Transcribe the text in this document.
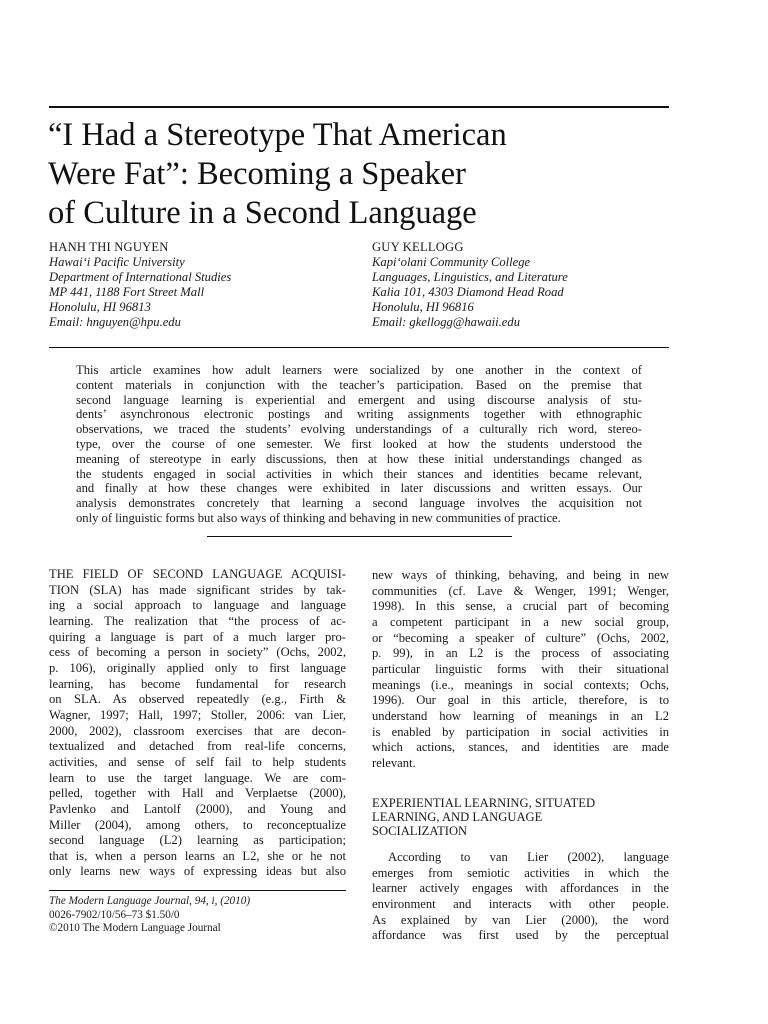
“I Had a Stereotype That American
Were Fat”: Becoming a Speaker
of Culture in a Second Language
HANH THI NGUYEN
Hawai‘i Pacific University
Department of International Studies
MP 441, 1188 Fort Street Mall
Honolulu, HI 96813
Email: hnguyen@hpu.edu
GUY KELLOGG
Kapi‘olani Community College
Languages, Linguistics, and Literature
Kalia 101, 4303 Diamond Head Road
Honolulu, HI 96816
Email: gkellogg@hawaii.edu
This article examines how adult learners were socialized by one another in the context of
content materials in conjunction with the teacher’s participation. Based on the premise that
second language learning is experiential and emergent and using discourse analysis of stu-
dents’ asynchronous electronic postings and writing assignments together with ethnographic
observations, we traced the students’ evolving understandings of a culturally rich word, stereo-
type, over the course of one semester. We first looked at how the students understood the
meaning of stereotype in early discussions, then at how these initial understandings changed as
the students engaged in social activities in which their stances and identities became relevant,
and finally at how these changes were exhibited in later discussions and written essays. Our
analysis demonstrates concretely that learning a second language involves the acquisition not
only of linguistic forms but also ways of thinking and behaving in new communities of practice.
THE FIELD OF SECOND LANGUAGE ACQUISI-
TION (SLA) has made significant strides by tak-
ing a social approach to language and language
learning. The realization that “the process of ac-
quiring a language is part of a much larger pro-
cess of becoming a person in society” (Ochs, 2002,
p. 106), originally applied only to first language
learning, has become fundamental for research
on SLA. As observed repeatedly (e.g., Firth &
Wagner, 1997; Hall, 1997; Stoller, 2006: van Lier,
2000, 2002), classroom exercises that are decon-
textualized and detached from real-life concerns,
activities, and sense of self fail to help students
learn to use the target language. We are com-
pelled, together with Hall and Verplaetse (2000),
Pavlenko and Lantolf (2000), and Young and
Miller (2004), among others, to reconceptualize
second language (L2) learning as participation;
that is, when a person learns an L2, she or he not
only learns new ways of expressing ideas but also
new ways of thinking, behaving, and being in new
communities (cf. Lave & Wenger, 1991; Wenger,
1998). In this sense, a crucial part of becoming
a competent participant in a new social group,
or “becoming a speaker of culture” (Ochs, 2002,
p. 99), in an L2 is the process of associating
particular linguistic forms with their situational
meanings (i.e., meanings in social contexts; Ochs,
1996). Our goal in this article, therefore, is to
understand how learning of meanings in an L2
is enabled by participation in social activities in
which actions, stances, and identities are made
relevant.
EXPERIENTIAL LEARNING, SITUATED
LEARNING, AND LANGUAGE
SOCIALIZATION
According to van Lier (2002), language
emerges from semiotic activities in which the
learner actively engages with affordances in the
environment and interacts with other people.
As explained by van Lier (2000), the word
affordance was first used by the perceptual
The Modern Language Journal, 94, i, (2010)
0026-7902/10/56–73 $1.50/0
©2010 The Modern Language Journal
